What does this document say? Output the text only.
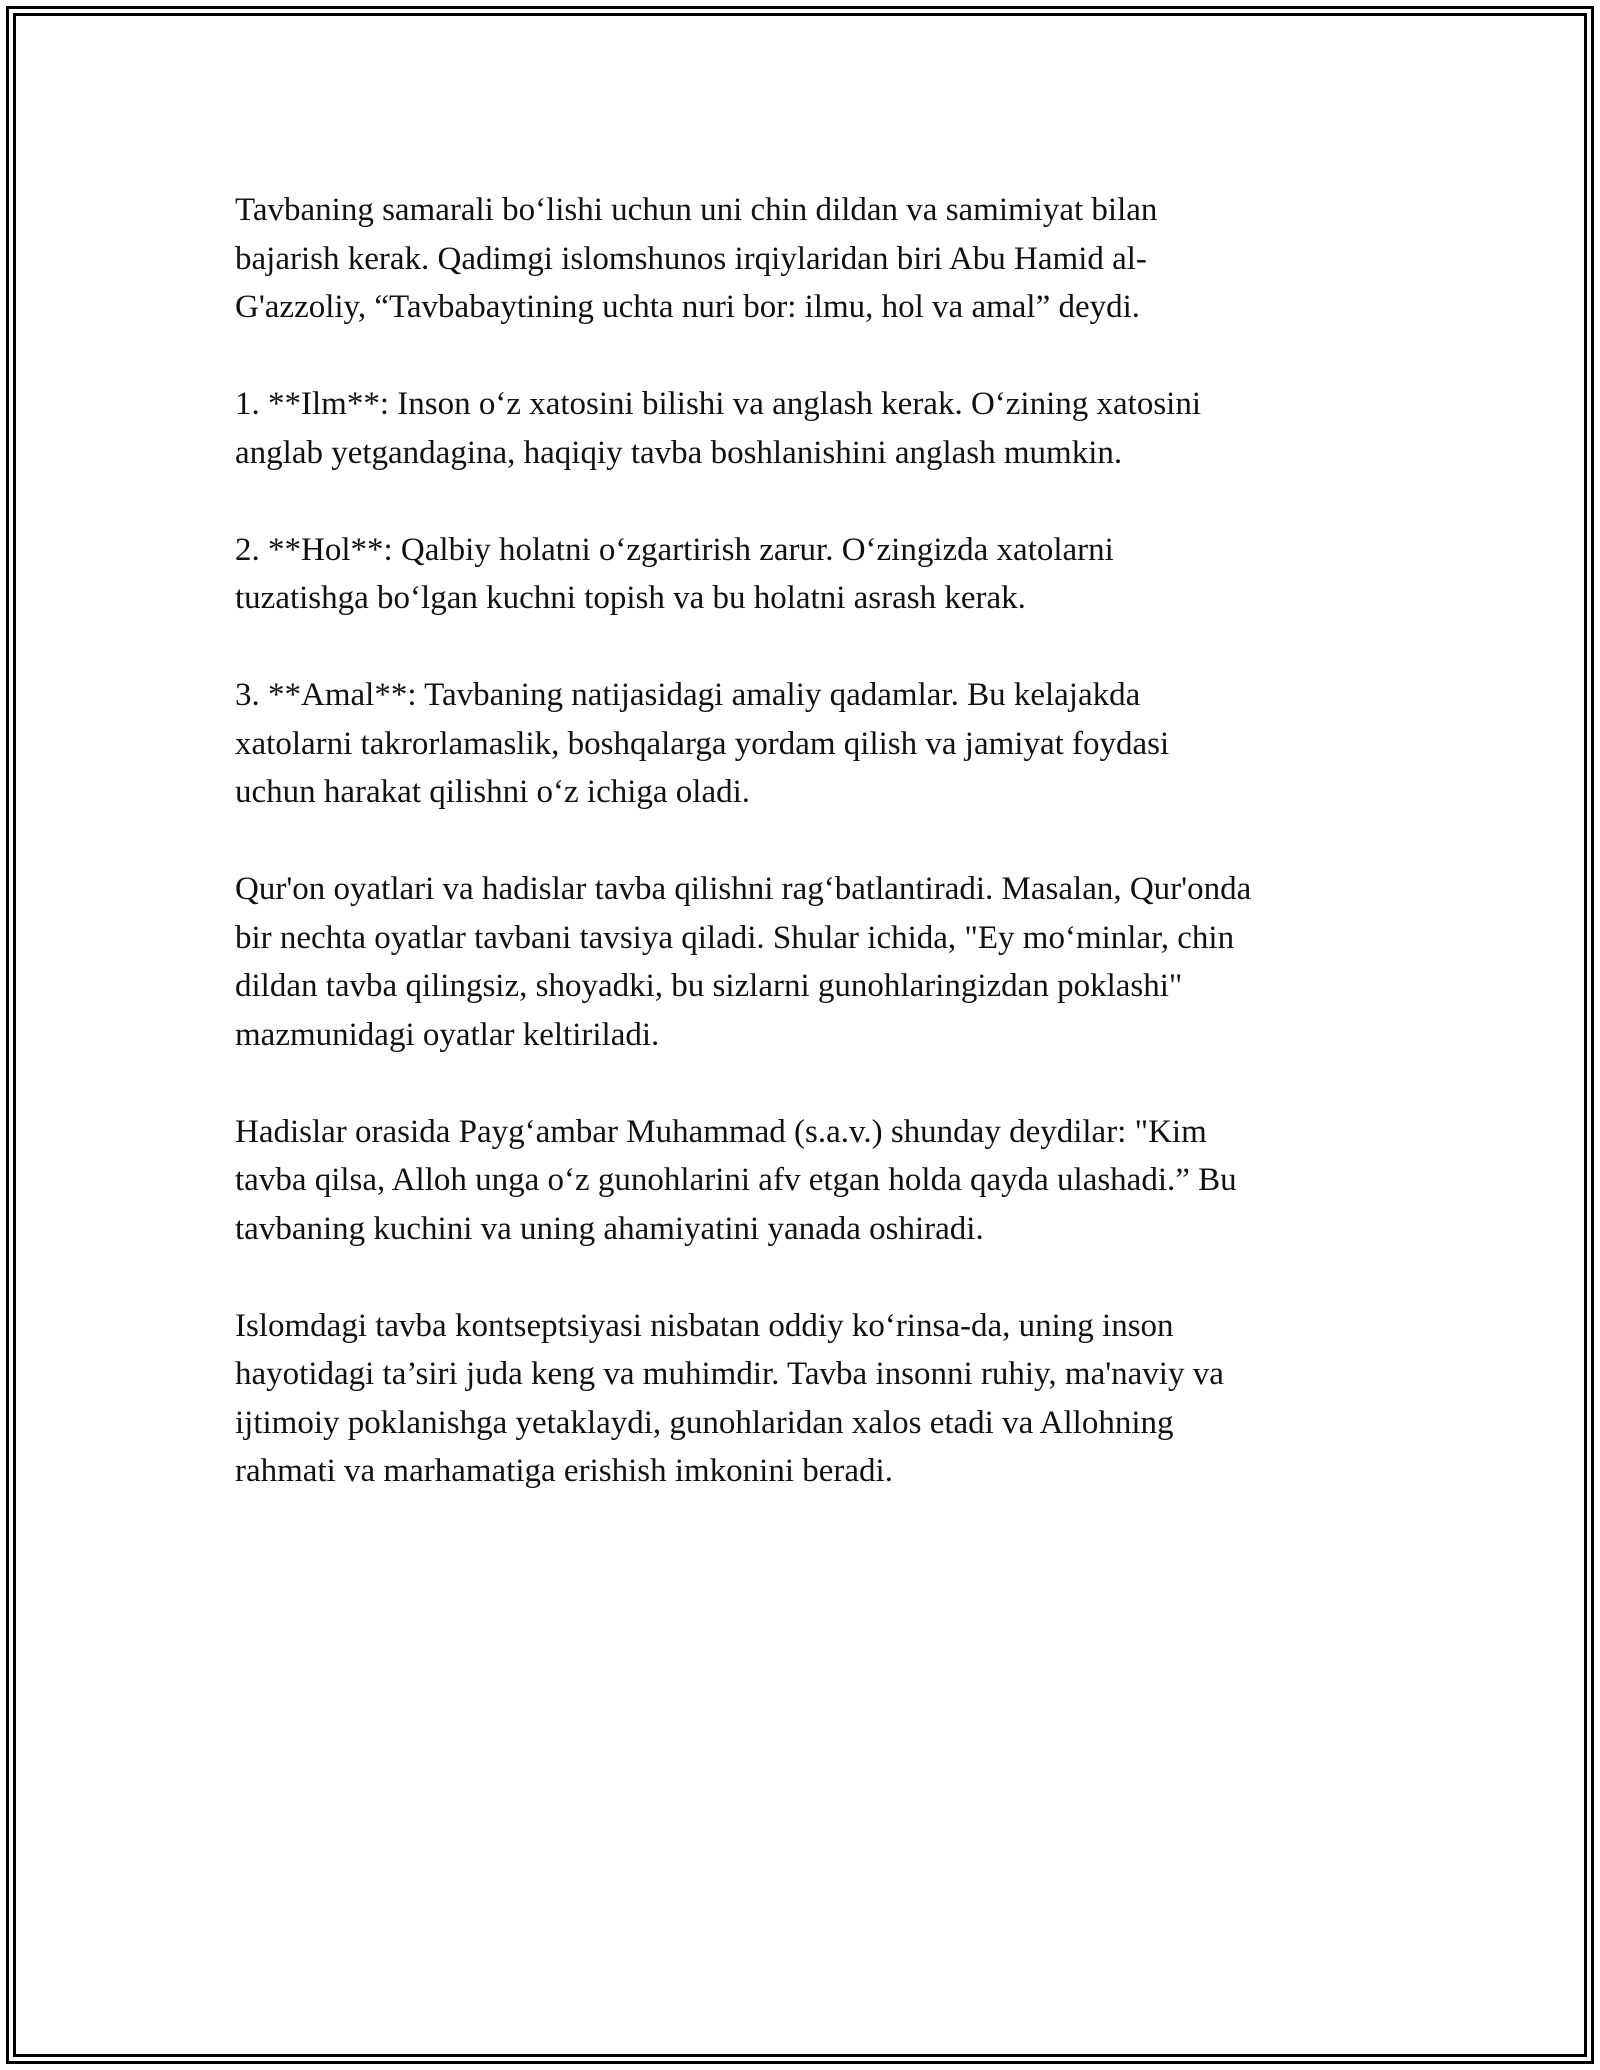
Tavbaning samarali bo‘lishi uchun uni chin dildan va samimiyat bilan
bajarish kerak. Qadimgi islomshunos irqiylaridan biri Abu Hamid al-
G'azzoliy, “Tavbabaytining uchta nuri bor: ilmu, hol va amal” deydi.

1. **Ilm**: Inson o‘z xatosini bilishi va anglash kerak. O‘zining xatosini
anglab yetgandagina, haqiqiy tavba boshlanishini anglash mumkin.

2. **Hol**: Qalbiy holatni o‘zgartirish zarur. O‘zingizda xatolarni
tuzatishga bo‘lgan kuchni topish va bu holatni asrash kerak.

3. **Amal**: Tavbaning natijasidagi amaliy qadamlar. Bu kelajakda
xatolarni takrorlamaslik, boshqalarga yordam qilish va jamiyat foydasi
uchun harakat qilishni o‘z ichiga oladi.

Qur'on oyatlari va hadislar tavba qilishni rag‘batlantiradi. Masalan, Qur'onda
bir nechta oyatlar tavbani tavsiya qiladi. Shular ichida, "Ey mo‘minlar, chin
dildan tavba qilingsiz, shoyadki, bu sizlarni gunohlaringizdan poklashi"
mazmunidagi oyatlar keltiriladi.

Hadislar orasida Payg‘ambar Muhammad (s.a.v.) shunday deydilar: "Kim
tavba qilsa, Alloh unga o‘z gunohlarini afv etgan holda qayda ulashadi.” Bu
tavbaning kuchini va uning ahamiyatini yanada oshiradi.

Islomdagi tavba kontseptsiyasi nisbatan oddiy ko‘rinsa-da, uning inson
hayotidagi ta’siri juda keng va muhimdir. Tavba insonni ruhiy, ma'naviy va
ijtimoiy poklanishga yetaklaydi, gunohlaridan xalos etadi va Allohning
rahmati va marhamatiga erishish imkonini beradi.
